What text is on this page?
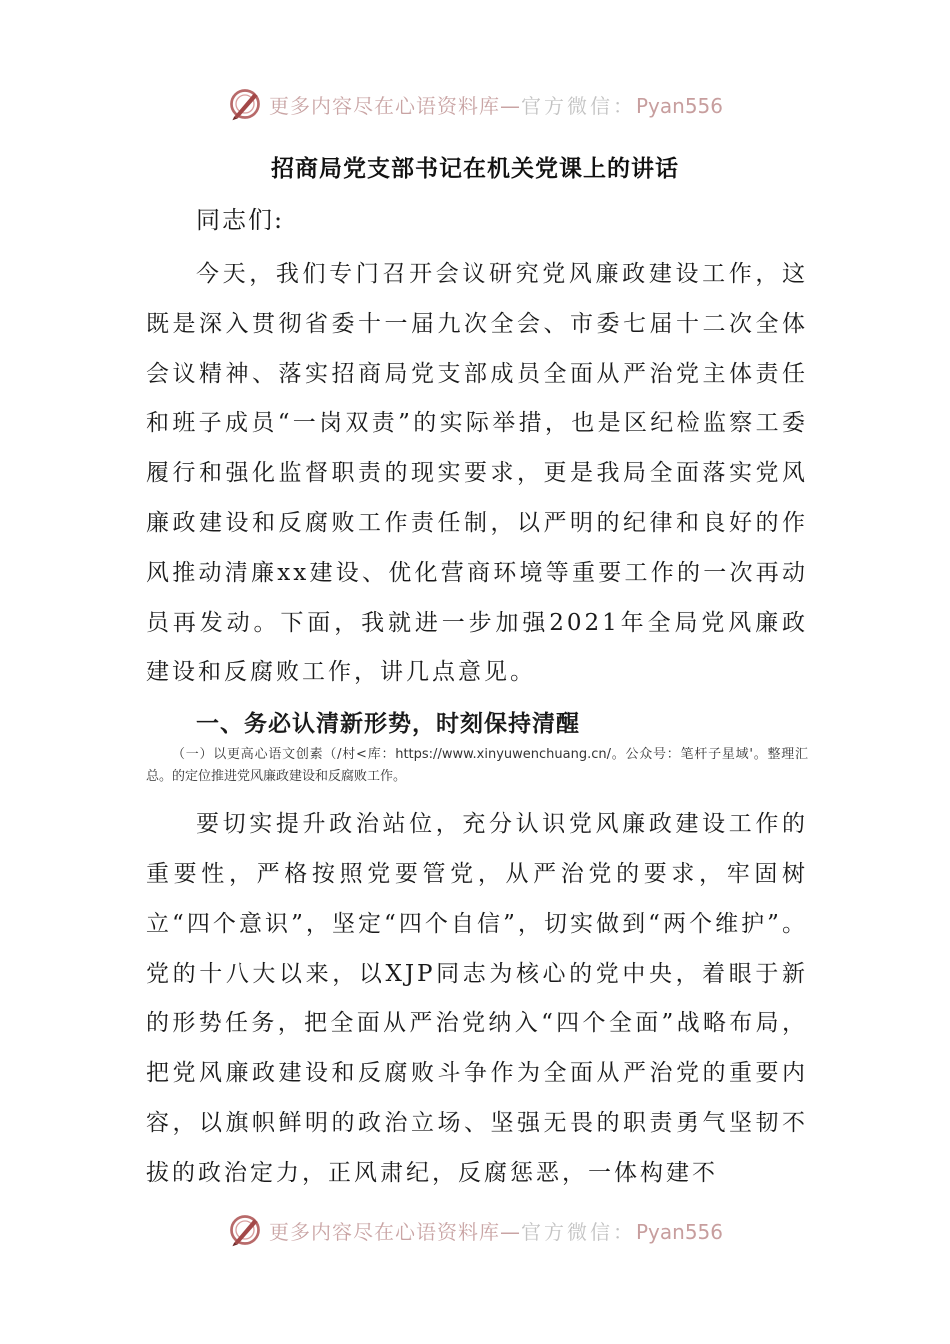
更多内容尽在心语资料库—官方微信：Pyan556
招商局党支部书记在机关党课上的讲话
同志们:

今天，我们专门召开会议研究党风廉政建设工作，这既是深入贯彻省委十一届九次全会、市委七届十二次全体会议精神、落实招商局党支部成员全面从严治党主体责任和班子成员“一岗双责”的实际举措，也是区纪检监察工委履行和强化监督职责的现实要求，更是我局全面落实党风廉政建设和反腐败工作责任制，以严明的纪律和良好的作风推动清廉xx建设、优化营商环境等重要工作的一次再动员再发动。下面，我就进一步加强2021年全局党风廉政建设和反腐败工作，讲几点意见。

一、务必认清新形势，时刻保持清醒
（一）以更高心语文创素（/村<库：https://www.xinyuwenchuang.cn/。公众号：笔杆子星域'。整理汇总。的定位推进党风廉政建设和反腐败工作。

要切实提升政治站位，充分认识党风廉政建设工作的重要性，严格按照党要管党，从严治党的要求，牢固树立“四个意识”，坚定“四个自信”，切实做到“两个维护”。党的十八大以来，以XJP同志为核心的党中央，着眼于新的形势任务，把全面从严治党纳入“四个全面”战略布局，把党风廉政建设和反腐败斗争作为全面从严治党的重要内容，以旗帜鲜明的政治立场、坚强无畏的职责勇气坚韧不拔的政治定力，正风肃纪，反腐惩恶，一体构建不

更多内容尽在心语资料库—官方微信：Pyan556
